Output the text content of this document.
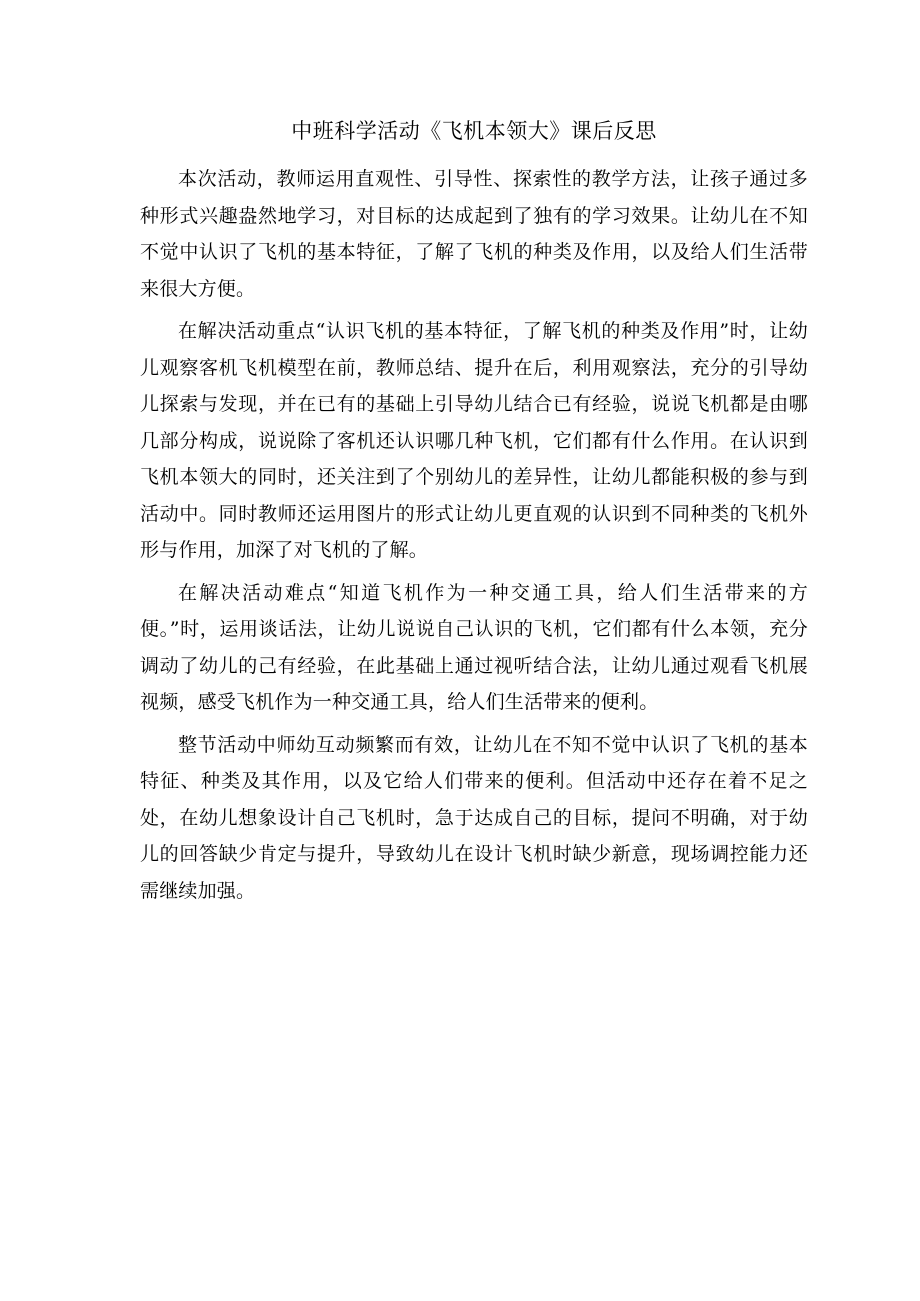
中班科学活动《飞机本领大》课后反思

本次活动，教师运用直观性、引导性、探索性的教学方法，让孩子通过多种形式兴趣盎然地学习，对目标的达成起到了独有的学习效果。让幼儿在不知不觉中认识了飞机的基本特征，了解了飞机的种类及作用，以及给人们生活带来很大方便。

在解决活动重点“认识飞机的基本特征，了解飞机的种类及作用”时，让幼儿观察客机飞机模型在前，教师总结、提升在后，利用观察法，充分的引导幼儿探索与发现，并在已有的基础上引导幼儿结合已有经验，说说飞机都是由哪几部分构成，说说除了客机还认识哪几种飞机，它们都有什么作用。在认识到飞机本领大的同时，还关注到了个别幼儿的差异性，让幼儿都能积极的参与到活动中。同时教师还运用图片的形式让幼儿更直观的认识到不同种类的飞机外形与作用，加深了对飞机的了解。

在解决活动难点“知道飞机作为一种交通工具，给人们生活带来的方便。”时，运用谈话法，让幼儿说说自己认识的飞机，它们都有什么本领，充分调动了幼儿的己有经验，在此基础上通过视听结合法，让幼儿通过观看飞机展视频，感受飞机作为一种交通工具，给人们生活带来的便利。

整节活动中师幼互动频繁而有效，让幼儿在不知不觉中认识了飞机的基本特征、种类及其作用，以及它给人们带来的便利。但活动中还存在着不足之处，在幼儿想象设计自己飞机时，急于达成自己的目标，提问不明确，对于幼儿的回答缺少肯定与提升，导致幼儿在设计飞机时缺少新意，现场调控能力还需继续加强。
